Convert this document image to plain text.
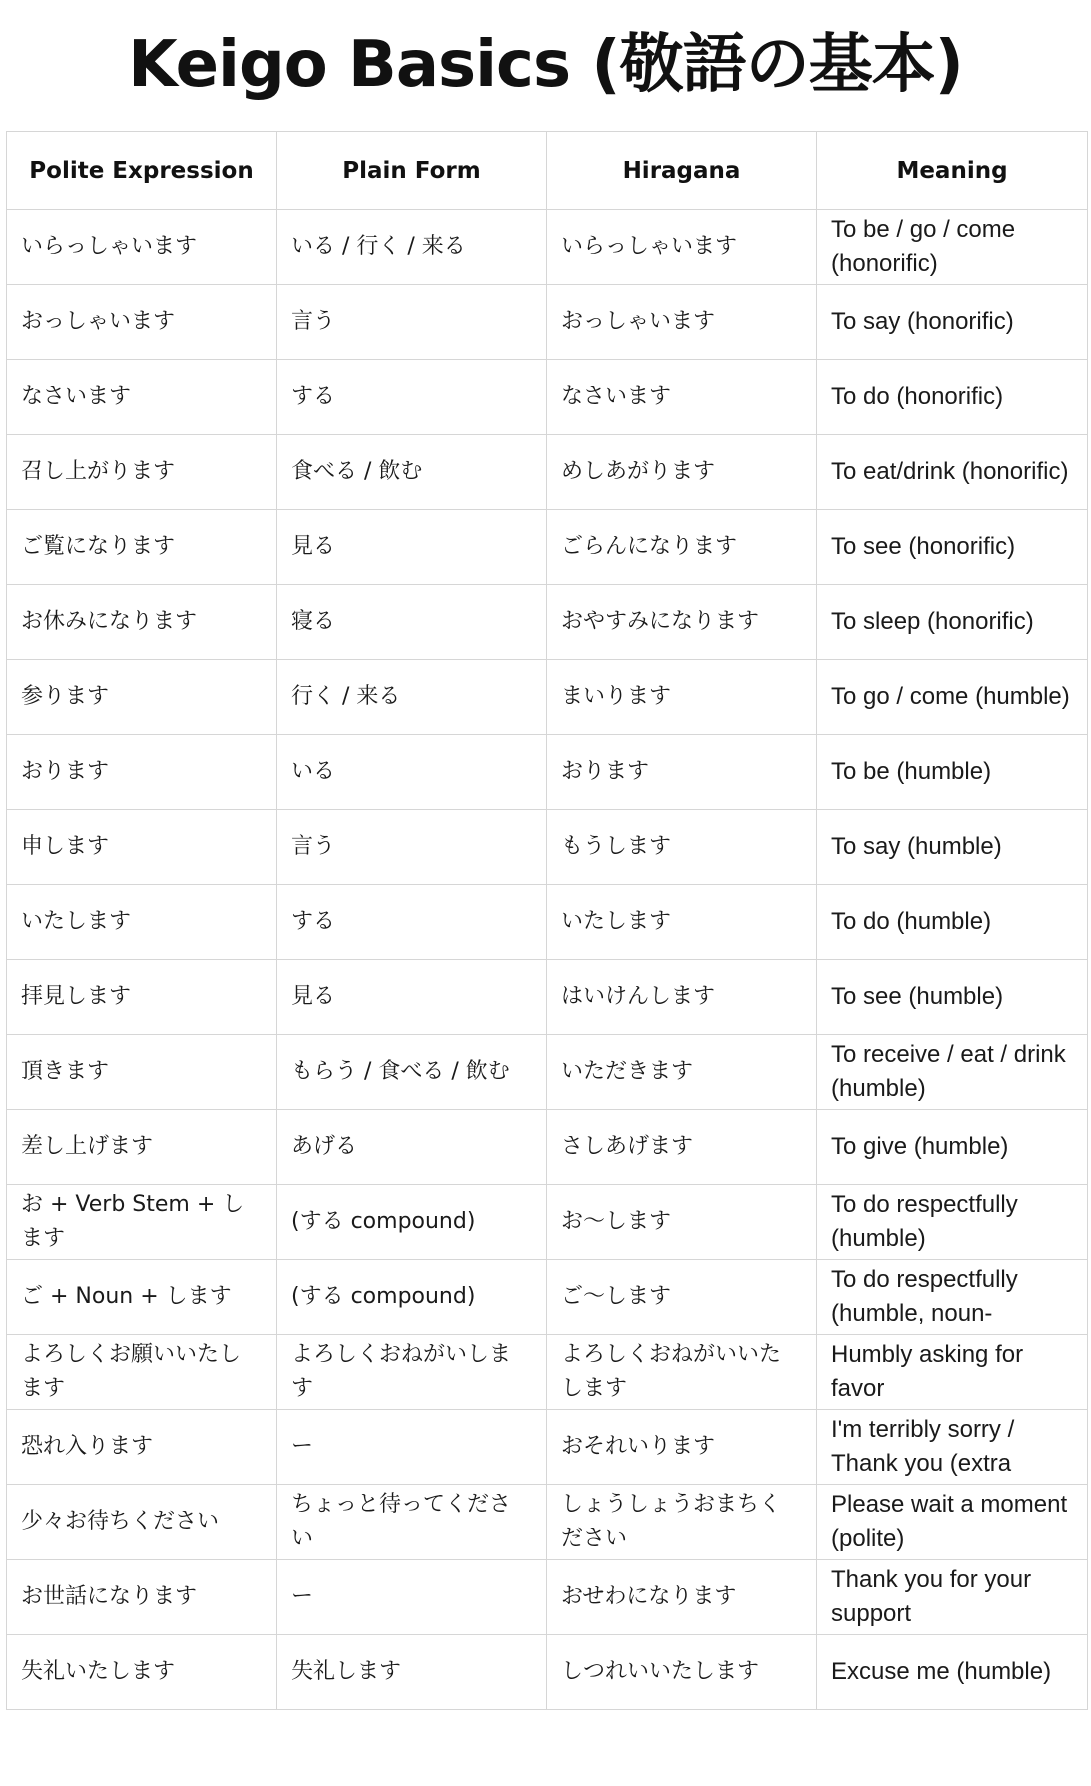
Keigo Basics (敬語の基本)
Polite Expression	Plain Form	Hiragana	Meaning

いらっしゃいます	いる / 行く / 来る	いらっしゃいます	To be / go / come (honorific)

おっしゃいます	言う	おっしゃいます	To say (honorific)

なさいます	する	なさいます	To do (honorific)

召し上がります	食べる / 飲む	めしあがります	To eat/drink (honorific)

ご覧になります	見る	ごらんになります	To see (honorific)

お休みになります	寝る	おやすみになります	To sleep (honorific)

参ります	行く / 来る	まいります	To go / come (humble)

おります	いる	おります	To be (humble)

申します	言う	もうします	To say (humble)

いたします	する	いたします	To do (humble)

拝見します	見る	はいけんします	To see (humble)

頂きます	もらう / 食べる / 飲む	いただきます	To receive / eat / drink (humble)

差し上げます	あげる	さしあげます	To give (humble)

お + Verb Stem + します	(する compound)	お〜します	To do respectfully (humble)

ご + Noun + します	(する compound)	ご〜します	To do respectfully (humble, noun-

よろしくお願いいたします	よろしくおねがいします	よろしくおねがいいたします	Humbly asking for favor

恐れ入ります	ー	おそれいります	I'm terribly sorry / Thank you (extra

少々お待ちください	ちょっと待ってください	しょうしょうおまちください	Please wait a moment (polite)

お世話になります	ー	おせわになります	Thank you for your support

失礼いたします	失礼します	しつれいいたします	Excuse me (humble)
